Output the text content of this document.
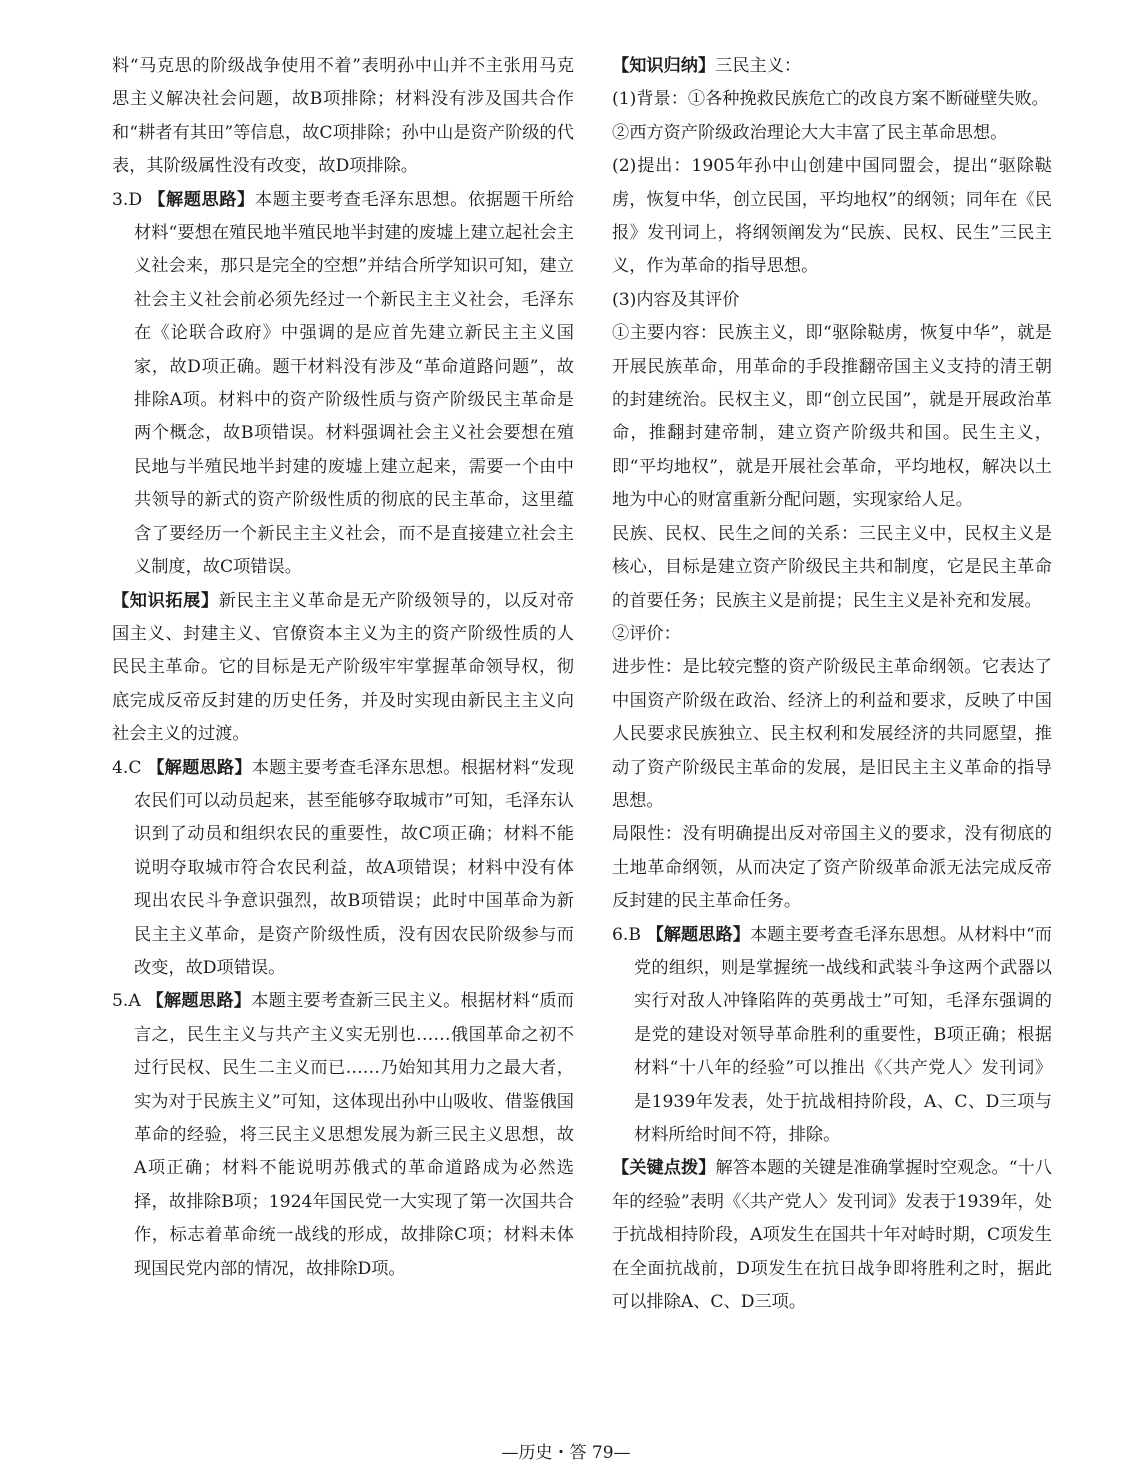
料“马克思的阶级战争使用不着”表明孙中山并不主张用马克思主义解决社会问题，故B项排除；材料没有涉及国共合作和“耕者有其田”等信息，故C项排除；孙中山是资产阶级的代表，其阶级属性没有改变，故D项排除。

3.D 【解题思路】本题主要考查毛泽东思想。依据题干所给材料“要想在殖民地半殖民地半封建的废墟上建立起社会主义社会来，那只是完全的空想”并结合所学知识可知，建立社会主义社会前必须先经过一个新民主主义社会，毛泽东在《论联合政府》中强调的是应首先建立新民主主义国家，故D项正确。题干材料没有涉及“革命道路问题”，故排除A项。材料中的资产阶级性质与资产阶级民主革命是两个概念，故B项错误。材料强调社会主义社会要想在殖民地与半殖民地半封建的废墟上建立起来，需要一个由中共领导的新式的资产阶级性质的彻底的民主革命，这里蕴含了要经历一个新民主主义社会，而不是直接建立社会主义制度，故C项错误。

【知识拓展】新民主主义革命是无产阶级领导的，以反对帝国主义、封建主义、官僚资本主义为主的资产阶级性质的人民民主革命。它的目标是无产阶级牢牢掌握革命领导权，彻底完成反帝反封建的历史任务，并及时实现由新民主主义向社会主义的过渡。

4.C 【解题思路】本题主要考查毛泽东思想。根据材料“发现农民们可以动员起来，甚至能够夺取城市”可知，毛泽东认识到了动员和组织农民的重要性，故C项正确；材料不能说明夺取城市符合农民利益，故A项错误；材料中没有体现出农民斗争意识强烈，故B项错误；此时中国革命为新民主主义革命，是资产阶级性质，没有因农民阶级参与而改变，故D项错误。

5.A 【解题思路】本题主要考查新三民主义。根据材料“质而言之，民生主义与共产主义实无别也……俄国革命之初不过行民权、民生二主义而已……乃始知其用力之最大者，实为对于民族主义”可知，这体现出孙中山吸收、借鉴俄国革命的经验，将三民主义思想发展为新三民主义思想，故A项正确；材料不能说明苏俄式的革命道路成为必然选择，故排除B项；1924年国民党一大实现了第一次国共合作，标志着革命统一战线的形成，故排除C项；材料未体现国民党内部的情况，故排除D项。

【知识归纳】三民主义：

(1)背景：①各种挽救民族危亡的改良方案不断碰壁失败。

②西方资产阶级政治理论大大丰富了民主革命思想。

(2)提出：1905年孙中山创建中国同盟会，提出“驱除鞑虏，恢复中华，创立民国，平均地权”的纲领；同年在《民报》发刊词上，将纲领阐发为“民族、民权、民生”三民主义，作为革命的指导思想。

(3)内容及其评价

①主要内容：民族主义，即“驱除鞑虏，恢复中华”，就是开展民族革命，用革命的手段推翻帝国主义支持的清王朝的封建统治。民权主义，即“创立民国”，就是开展政治革命，推翻封建帝制，建立资产阶级共和国。民生主义，即“平均地权”，就是开展社会革命，平均地权，解决以土地为中心的财富重新分配问题，实现家给人足。

民族、民权、民生之间的关系：三民主义中，民权主义是核心，目标是建立资产阶级民主共和制度，它是民主革命的首要任务；民族主义是前提；民生主义是补充和发展。

②评价：

进步性：是比较完整的资产阶级民主革命纲领。它表达了中国资产阶级在政治、经济上的利益和要求，反映了中国人民要求民族独立、民主权利和发展经济的共同愿望，推动了资产阶级民主革命的发展，是旧民主主义革命的指导思想。

局限性：没有明确提出反对帝国主义的要求，没有彻底的土地革命纲领，从而决定了资产阶级革命派无法完成反帝反封建的民主革命任务。

6.B 【解题思路】本题主要考查毛泽东思想。从材料中“而党的组织，则是掌握统一战线和武装斗争这两个武器以实行对敌人冲锋陷阵的英勇战士”可知，毛泽东强调的是党的建设对领导革命胜利的重要性，B项正确；根据材料“十八年的经验”可以推出《〈共产党人〉发刊词》是1939年发表，处于抗战相持阶段，A、C、D三项与材料所给时间不符，排除。

【关键点拨】解答本题的关键是准确掌握时空观念。“十八年的经验”表明《〈共产党人〉发刊词》发表于1939年，处于抗战相持阶段，A项发生在国共十年对峙时期，C项发生在全面抗战前，D项发生在抗日战争即将胜利之时，据此可以排除A、C、D三项。

—历史・答 79—
